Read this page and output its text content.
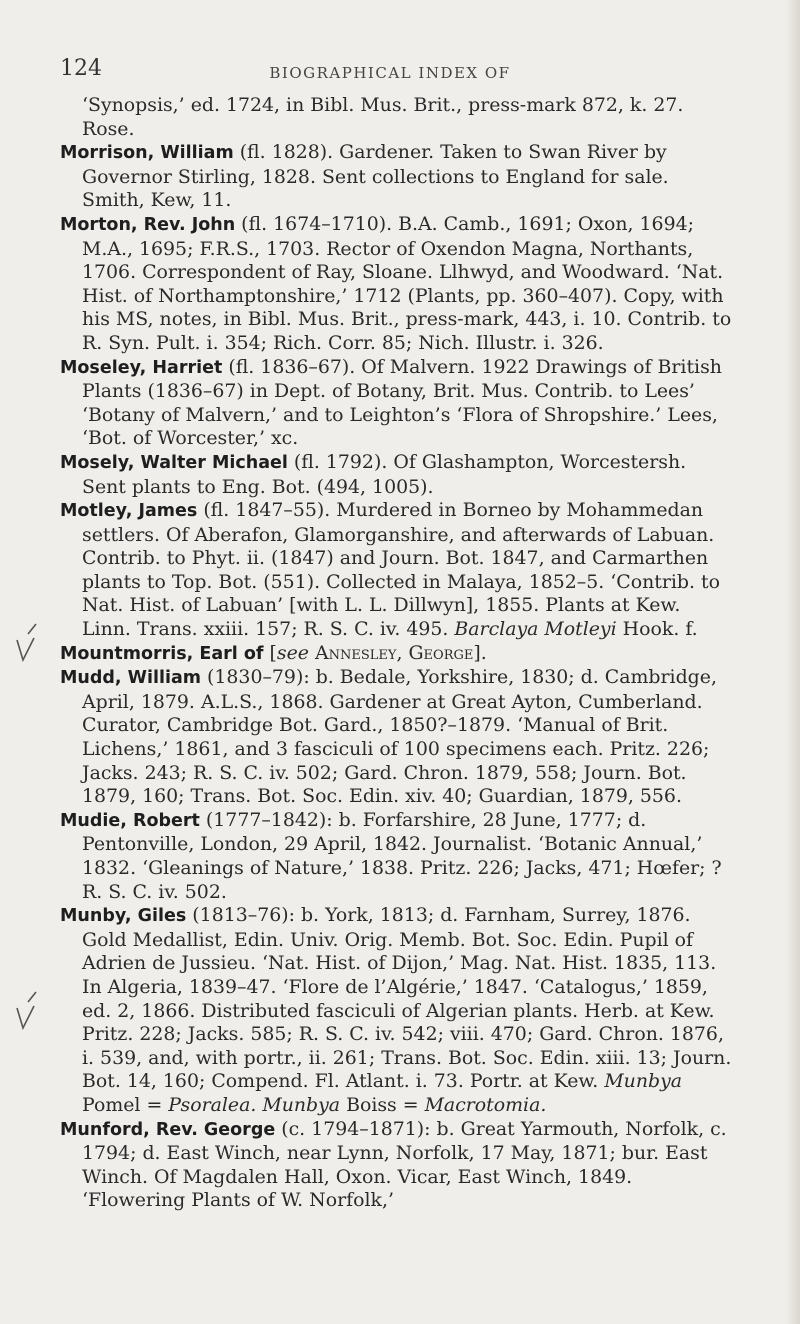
124	BIOGRAPHICAL INDEX OF

‘Synopsis,’ ed. 1724, in Bibl. Mus. Brit., press-mark 872, k. 27. Rose.

Morrison, William (fl. 1828). Gardener. Taken to Swan River by Governor Stirling, 1828. Sent collections to England for sale. Smith, Kew, 11.

Morton, Rev. John (fl. 1674–1710). B.A. Camb., 1691; Oxon, 1694; M.A., 1695; F.R.S., 1703. Rector of Oxendon Magna, Northants, 1706. Correspondent of Ray, Sloane. Llhwyd, and Woodward. ‘Nat. Hist. of Northamptonshire,’ 1712 (Plants, pp. 360–407). Copy, with his MS, notes, in Bibl. Mus. Brit., press-mark, 443, i. 10. Contrib. to R. Syn. Pult. i. 354; Rich. Corr. 85; Nich. Illustr. i. 326.

Moseley, Harriet (fl. 1836–67). Of Malvern. 1922 Drawings of British Plants (1836–67) in Dept. of Botany, Brit. Mus. Contrib. to Lees’ ‘Botany of Malvern,’ and to Leighton’s ‘Flora of Shropshire.’ Lees, ‘Bot. of Worcester,’ xc.

Mosely, Walter Michael (fl. 1792). Of Glashampton, Worcestersh. Sent plants to Eng. Bot. (494, 1005).

Motley, James (fl. 1847–55). Murdered in Borneo by Mohammedan settlers. Of Aberafon, Glamorganshire, and afterwards of Labuan. Contrib. to Phyt. ii. (1847) and Journ. Bot. 1847, and Carmarthen plants to Top. Bot. (551). Collected in Malaya, 1852–5. ‘Contrib. to Nat. Hist. of Labuan’ [with L. L. Dillwyn], 1855. Plants at Kew. Linn. Trans. xxiii. 157; R. S. C. iv. 495. Barclaya Motleyi Hook. f.

Mountmorris, Earl of [see Annesley, George].

Mudd, William (1830–79): b. Bedale, Yorkshire, 1830; d. Cambridge, April, 1879. A.L.S., 1868. Gardener at Great Ayton, Cumberland. Curator, Cambridge Bot. Gard., 1850?–1879. ‘Manual of Brit. Lichens,’ 1861, and 3 fasciculi of 100 specimens each. Pritz. 226; Jacks. 243; R. S. C. iv. 502; Gard. Chron. 1879, 558; Journ. Bot. 1879, 160; Trans. Bot. Soc. Edin. xiv. 40; Guardian, 1879, 556.

Mudie, Robert (1777–1842): b. Forfarshire, 28 June, 1777; d. Pentonville, London, 29 April, 1842. Journalist. ‘Botanic Annual,’ 1832. ‘Gleanings of Nature,’ 1838. Pritz. 226; Jacks, 471; Hœfer; ? R. S. C. iv. 502.

Munby, Giles (1813–76): b. York, 1813; d. Farnham, Surrey, 1876. Gold Medallist, Edin. Univ. Orig. Memb. Bot. Soc. Edin. Pupil of Adrien de Jussieu. ‘Nat. Hist. of Dijon,’ Mag. Nat. Hist. 1835, 113. In Algeria, 1839–47. ‘Flore de l’Algérie,’ 1847. ‘Catalogus,’ 1859, ed. 2, 1866. Distributed fasciculi of Algerian plants. Herb. at Kew. Pritz. 228; Jacks. 585; R. S. C. iv. 542; viii. 470; Gard. Chron. 1876, i. 539, and, with portr., ii. 261; Trans. Bot. Soc. Edin. xiii. 13; Journ. Bot. 14, 160; Compend. Fl. Atlant. i. 73. Portr. at Kew. Munbya Pomel = Psoralea. Munbya Boiss = Macrotomia.

Munford, Rev. George (c. 1794–1871): b. Great Yarmouth, Norfolk, c. 1794; d. East Winch, near Lynn, Norfolk, 17 May, 1871; bur. East Winch. Of Magdalen Hall, Oxon. Vicar, East Winch, 1849. ‘Flowering Plants of W. Norfolk,’
